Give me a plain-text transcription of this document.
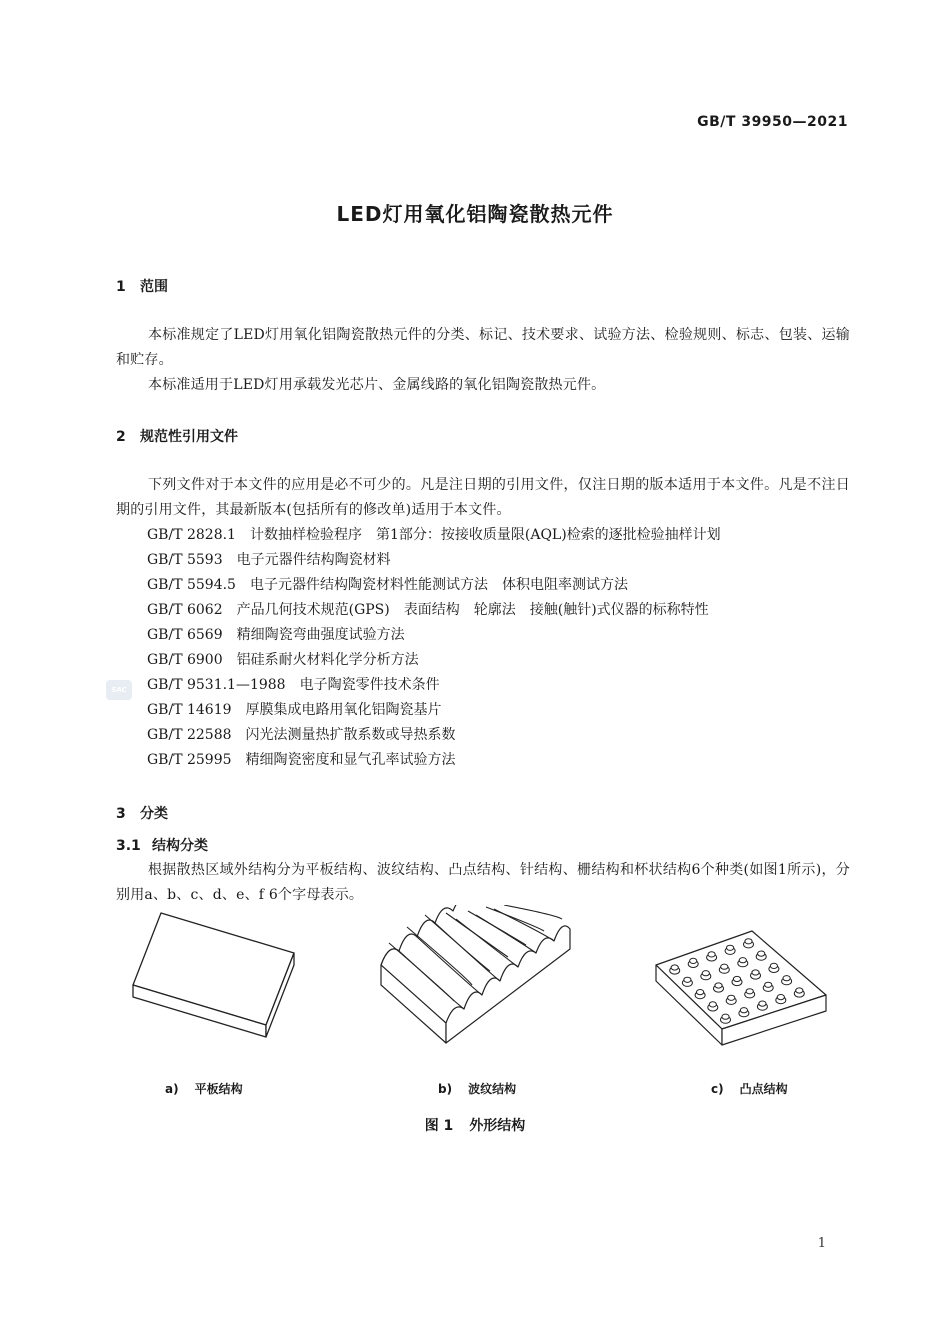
GB/T 39950—2021
LED灯用氧化铝陶瓷散热元件
1 范围
本标准规定了LED灯用氧化铝陶瓷散热元件的分类、标记、技术要求、试验方法、检验规则、标志、包装、运输和贮存。
本标准适用于LED灯用承载发光芯片、金属线路的氧化铝陶瓷散热元件。
2 规范性引用文件
下列文件对于本文件的应用是必不可少的。凡是注日期的引用文件，仅注日期的版本适用于本文件。凡是不注日期的引用文件，其最新版本(包括所有的修改单)适用于本文件。
GB/T 2828.1 计数抽样检验程序　第1部分：按接收质量限(AQL)检索的逐批检验抽样计划
GB/T 5593 电子元器件结构陶瓷材料
GB/T 5594.5 电子元器件结构陶瓷材料性能测试方法　体积电阻率测试方法
GB/T 6062 产品几何技术规范(GPS)　表面结构　轮廓法　接触(触针)式仪器的标称特性
GB/T 6569 精细陶瓷弯曲强度试验方法
GB/T 6900 铝硅系耐火材料化学分析方法
GB/T 9531.1—1988 电子陶瓷零件技术条件
GB/T 14619 厚膜集成电路用氧化铝陶瓷基片
GB/T 22588 闪光法测量热扩散系数或导热系数
GB/T 25995 精细陶瓷密度和显气孔率试验方法
SAC
3 分类
3.1 结构分类
根据散热区域外结构分为平板结构、波纹结构、凸点结构、针结构、栅结构和杯状结构6个种类(如图1所示)，分别用a、b、c、d、e、f 6个字母表示。
a) 平板结构	b) 波纹结构	c) 凸点结构
图 1 外形结构
1
